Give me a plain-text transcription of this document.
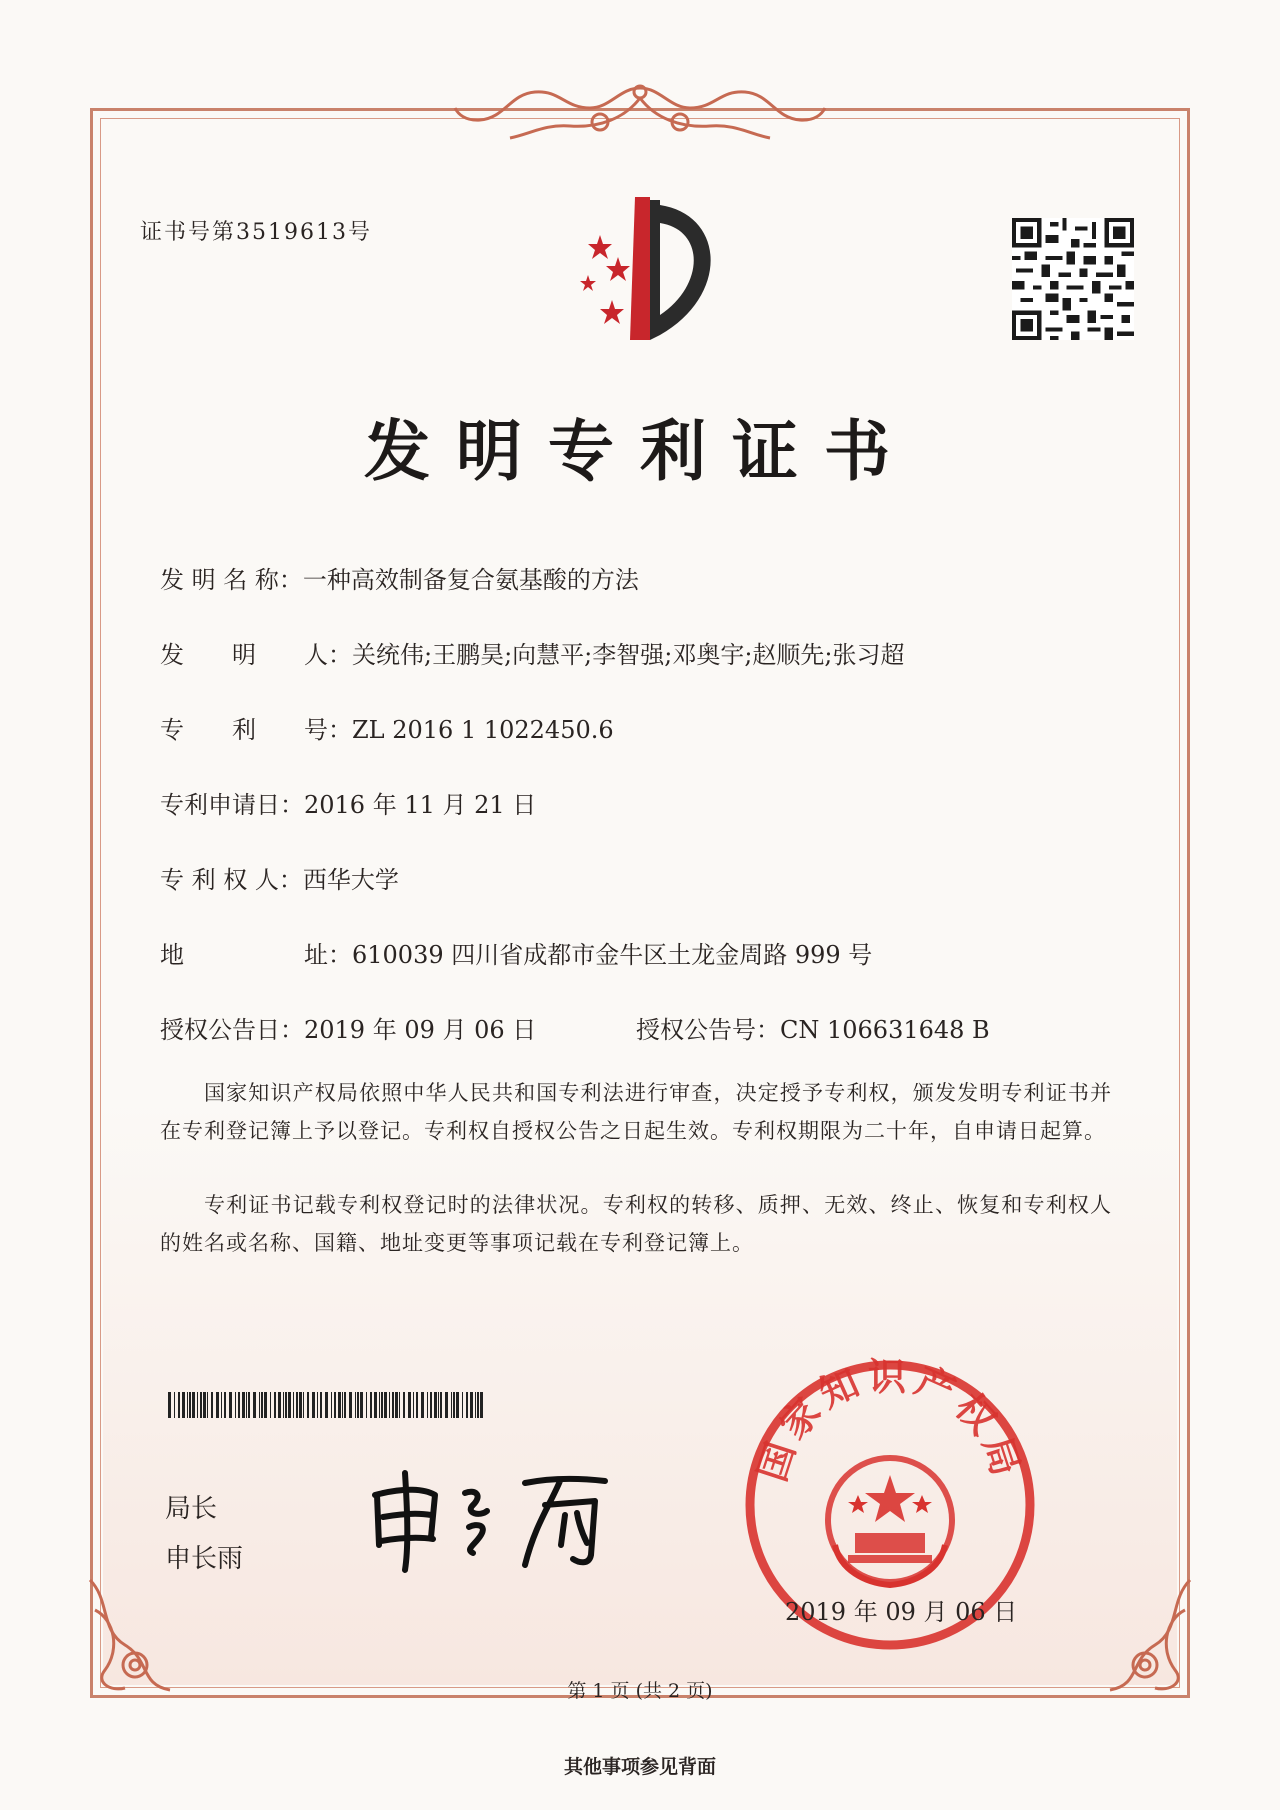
证书号第3519613号
发明专利证书
发 明 名 称：一种高效制备复合氨基酸的方法
发　　明　　人：关统伟;王鹏昊;向慧平;李智强;邓奥宇;赵顺先;张习超
专　　利　　号：ZL 2016 1 1022450.6
专利申请日：2016 年 11 月 21 日
专 利 权 人：西华大学
地　　　　　址：610039 四川省成都市金牛区土龙金周路 999 号
授权公告日：2019 年 09 月 06 日	授权公告号：CN 106631648 B
国家知识产权局依照中华人民共和国专利法进行审查，决定授予专利权，颁发发明专利证书并在专利登记簿上予以登记。专利权自授权公告之日起生效。专利权期限为二十年，自申请日起算。
专利证书记载专利权登记时的法律状况。专利权的转移、质押、无效、终止、恢复和专利权人的姓名或名称、国籍、地址变更等事项记载在专利登记簿上。
局长
申长雨
国家知识产权局
2019 年 09 月 06 日
第 1 页 (共 2 页)
其他事项参见背面
